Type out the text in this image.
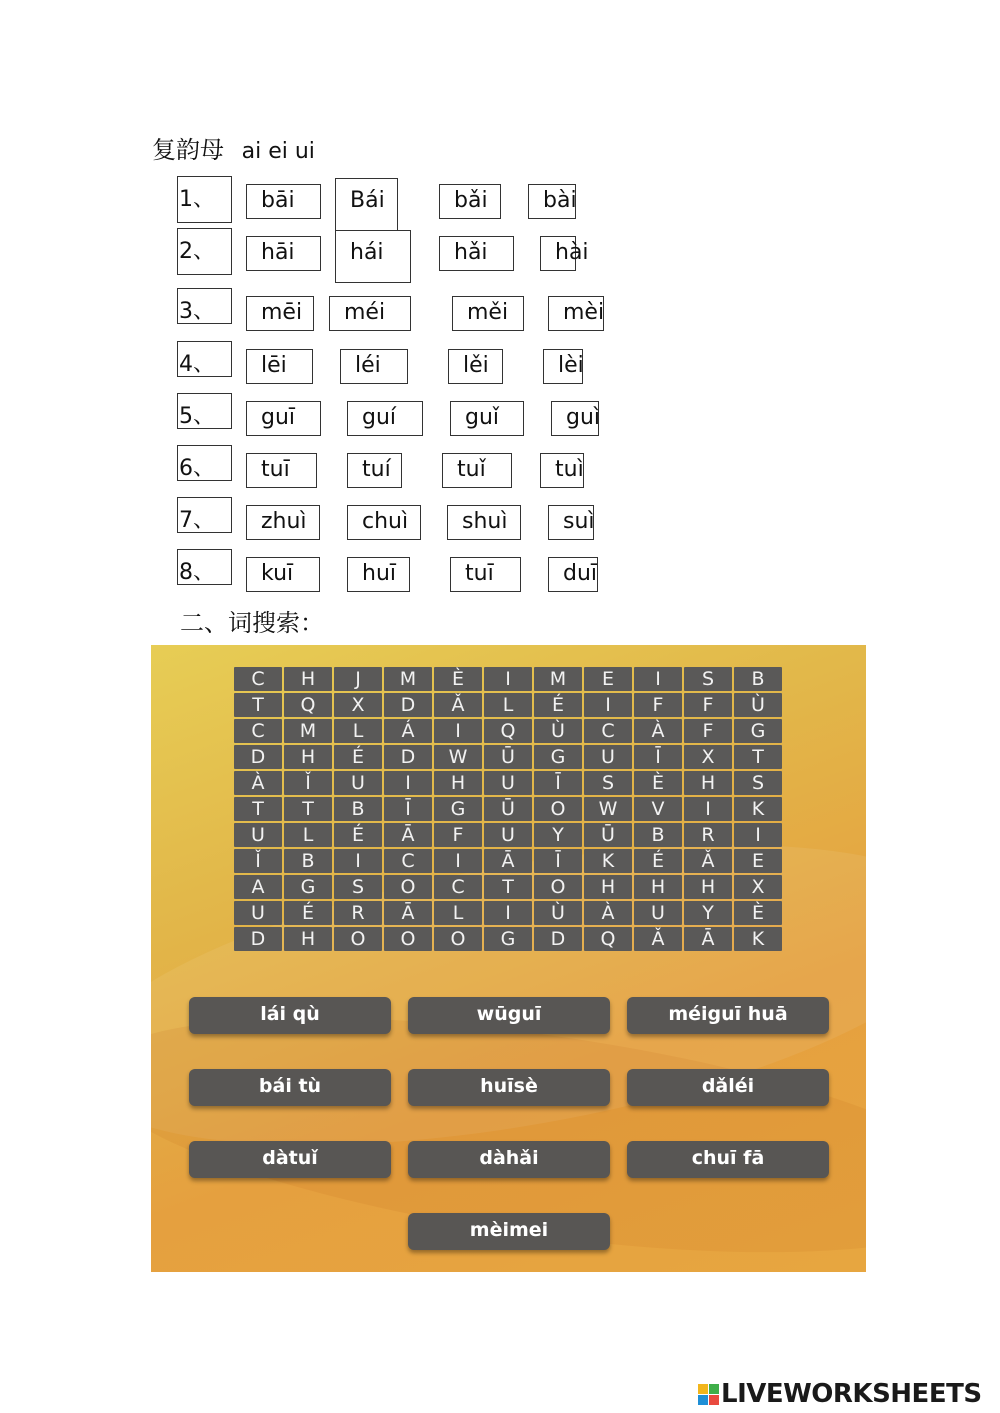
复韵母 ai ei ui
1、	bāi	Bái	bǎi	bài
2、	hāi	hái	hǎi	hài
3、	mēi	méi	měi	mèi
4、	lēi	léi	lěi	lèi
5、	guī	guí	guǐ	guì
6、	tuī	tuí	tuǐ	tuì
7、	zhuì	chuì	shuì	suì
8、	kuī	huī	tuī	duī
二、词搜索：
C	H	J	M	È	I	M	E	I	S	B
T	Q	X	D	Ǎ	L	É	I	F	F	Ù
C	M	L	Á	I	Q	Ù	C	À	F	G
D	H	É	D	W	Ū	G	U	Ī	X	T
À	Ǐ	U	I	H	U	Ī	S	È	H	S
T	T	B	Ī	G	Ū	O	W	V	I	K
U	L	É	Ā	F	U	Y	Ū	B	R	I
Ǐ	B	I	C	I	Ā	Ī	K	É	Ǎ	E
A	G	S	O	C	T	O	H	H	H	X
U	É	R	Ā	L	I	Ù	À	U	Y	È
D	H	O	O	O	G	D	Q	Ǎ	Ā	K
lái qù	wūguī	méiguī huā
bái tù	huīsè	dǎléi
dàtuǐ	dàhǎi	chuī fā
mèimei
LIVEWORKSHEETS
